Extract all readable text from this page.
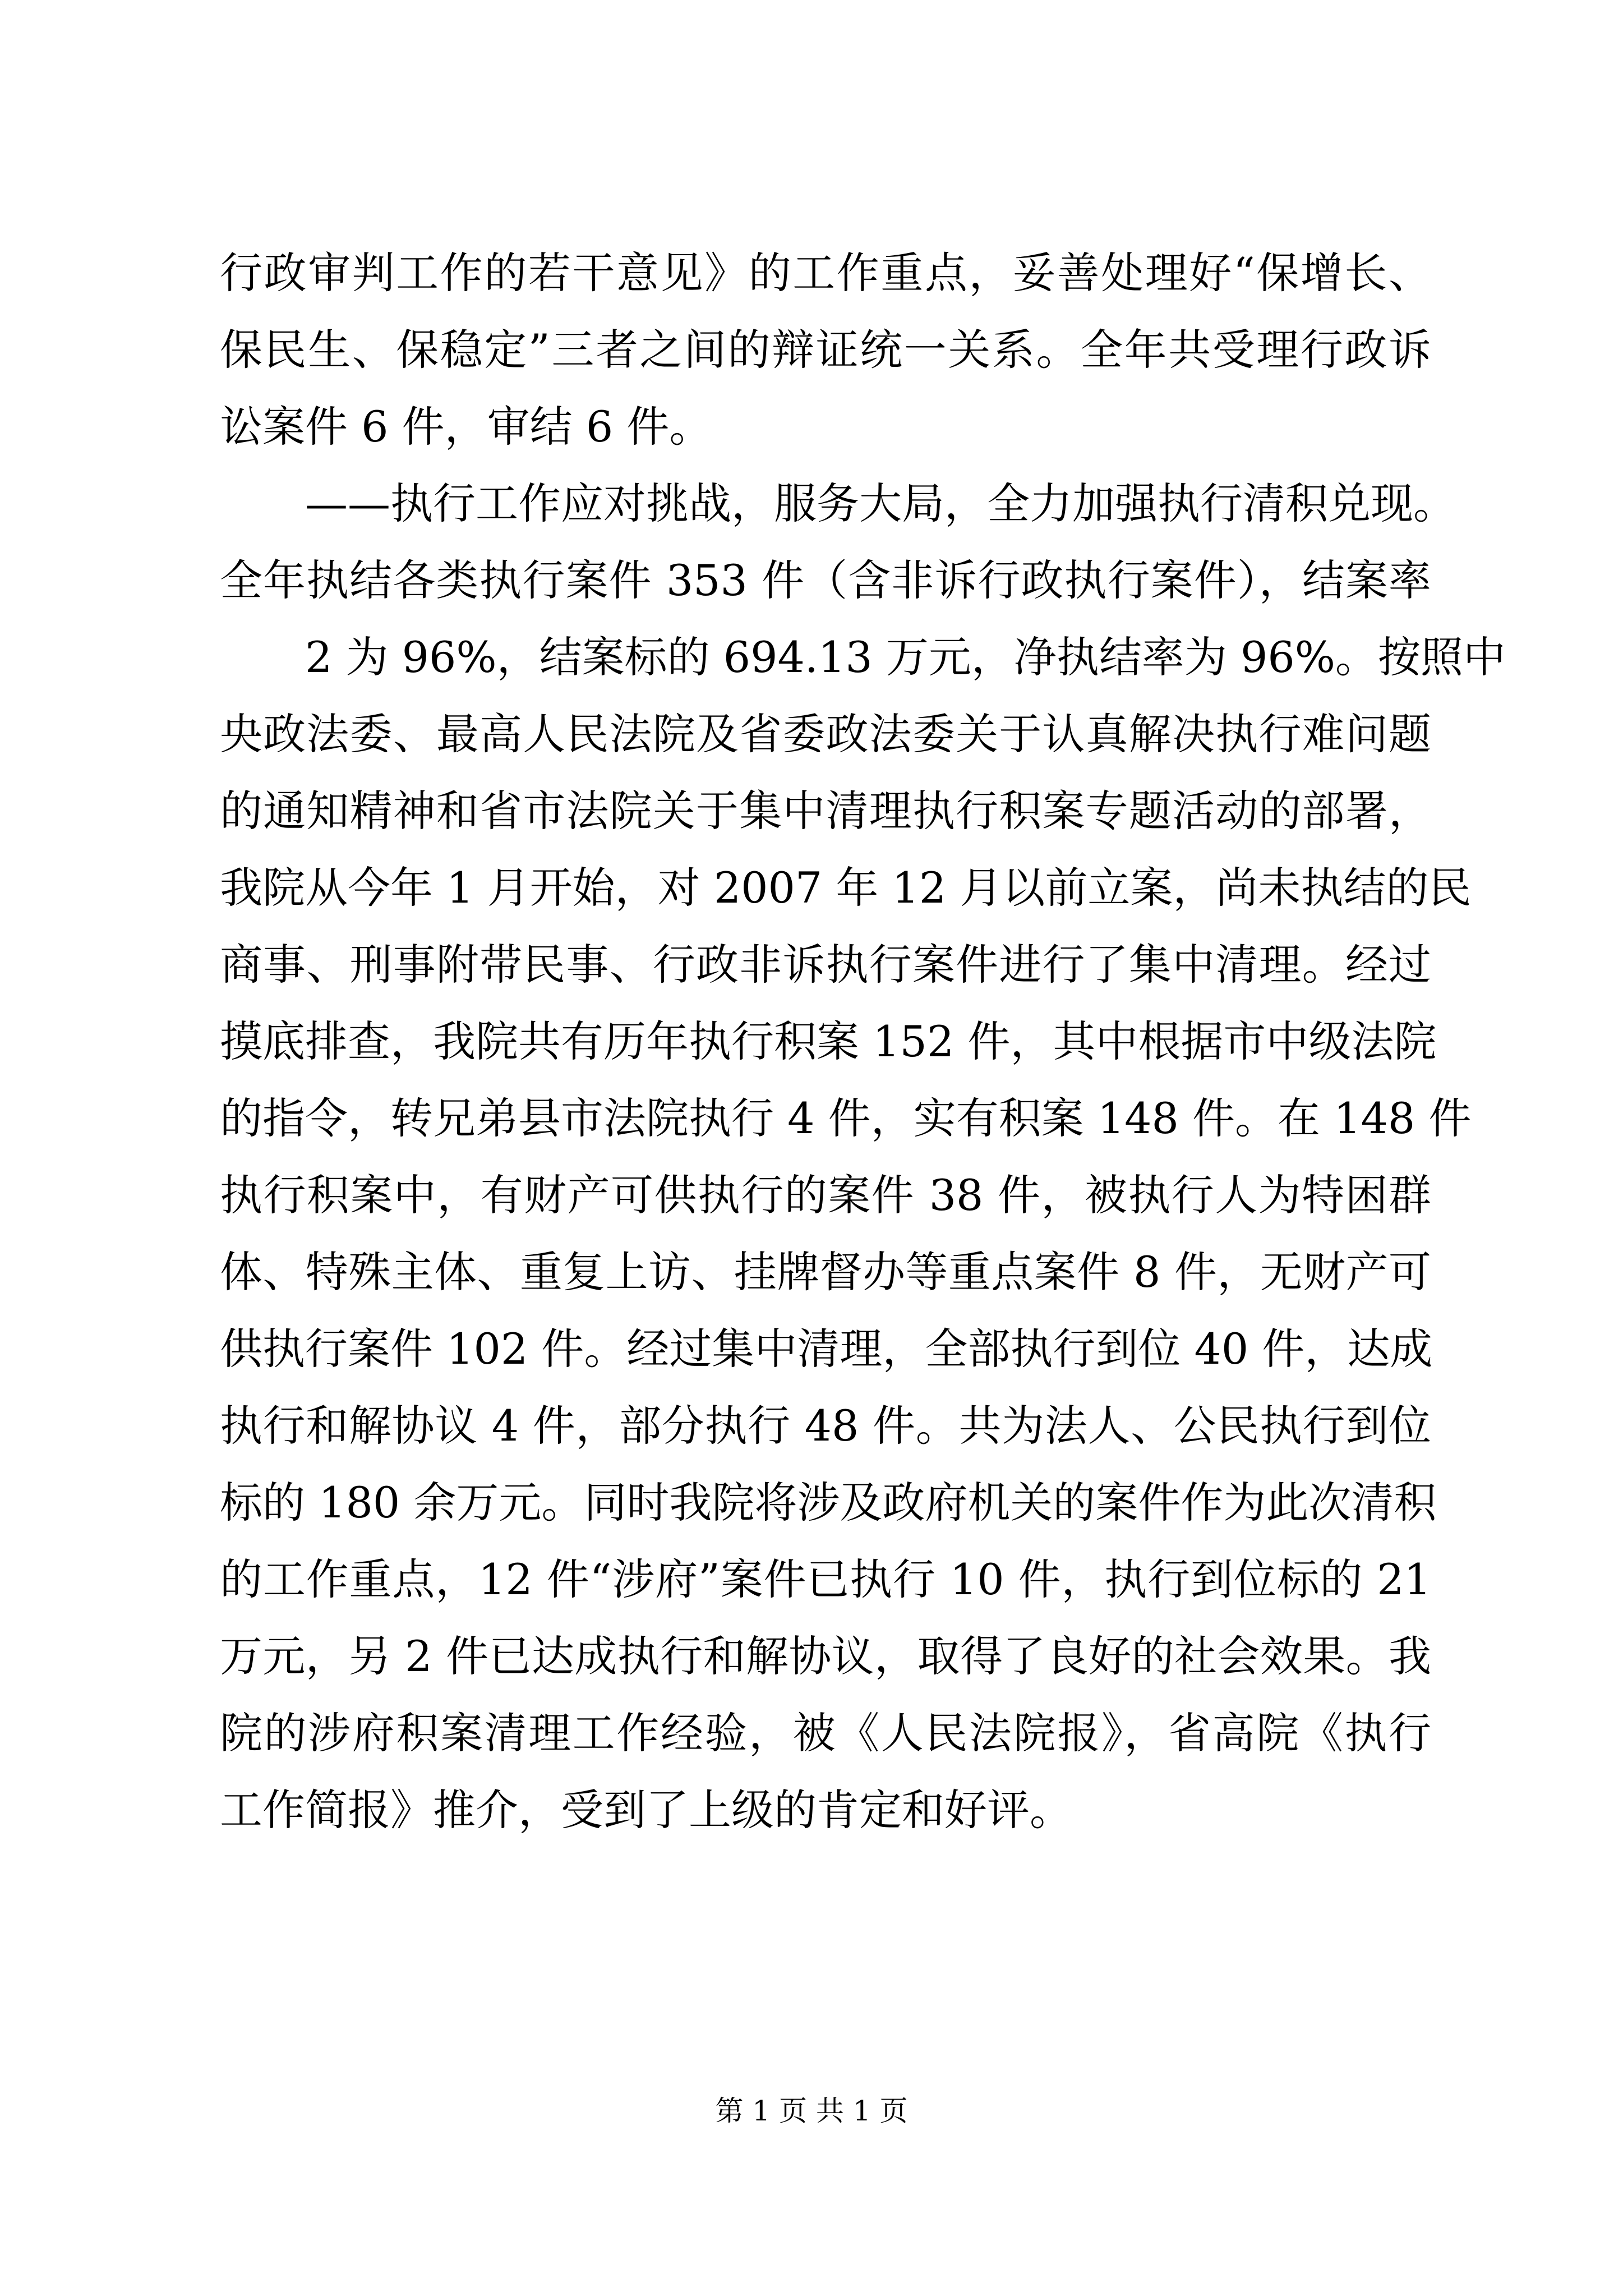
行政审判工作的若干意见》的工作重点，妥善处理好“保增长、
保民生、保稳定”三者之间的辩证统一关系。全年共受理行政诉
讼案件 6 件，审结 6 件。
——执行工作应对挑战，服务大局，全力加强执行清积兑现。
全年执结各类执行案件 353 件（含非诉行政执行案件），结案率
2 为 96%，结案标的 694.13 万元，净执结率为 96%。按照中
央政法委、最高人民法院及省委政法委关于认真解决执行难问题
的通知精神和省市法院关于集中清理执行积案专题活动的部署，
我院从今年 1 月开始，对 2007 年 12 月以前立案，尚未执结的民
商事、刑事附带民事、行政非诉执行案件进行了集中清理。经过
摸底排查，我院共有历年执行积案 152 件，其中根据市中级法院
的指令，转兄弟县市法院执行 4 件，实有积案 148 件。在 148 件
执行积案中，有财产可供执行的案件 38 件，被执行人为特困群
体、特殊主体、重复上访、挂牌督办等重点案件 8 件，无财产可
供执行案件 102 件。经过集中清理，全部执行到位 40 件，达成
执行和解协议 4 件，部分执行 48 件。共为法人、公民执行到位
标的 180 余万元。同时我院将涉及政府机关的案件作为此次清积
的工作重点，12 件“涉府”案件已执行 10 件，执行到位标的 21
万元，另 2 件已达成执行和解协议，取得了良好的社会效果。我
院的涉府积案清理工作经验，被《人民法院报》，省高院《执行
工作简报》推介，受到了上级的肯定和好评。
第 1 页 共 1 页
